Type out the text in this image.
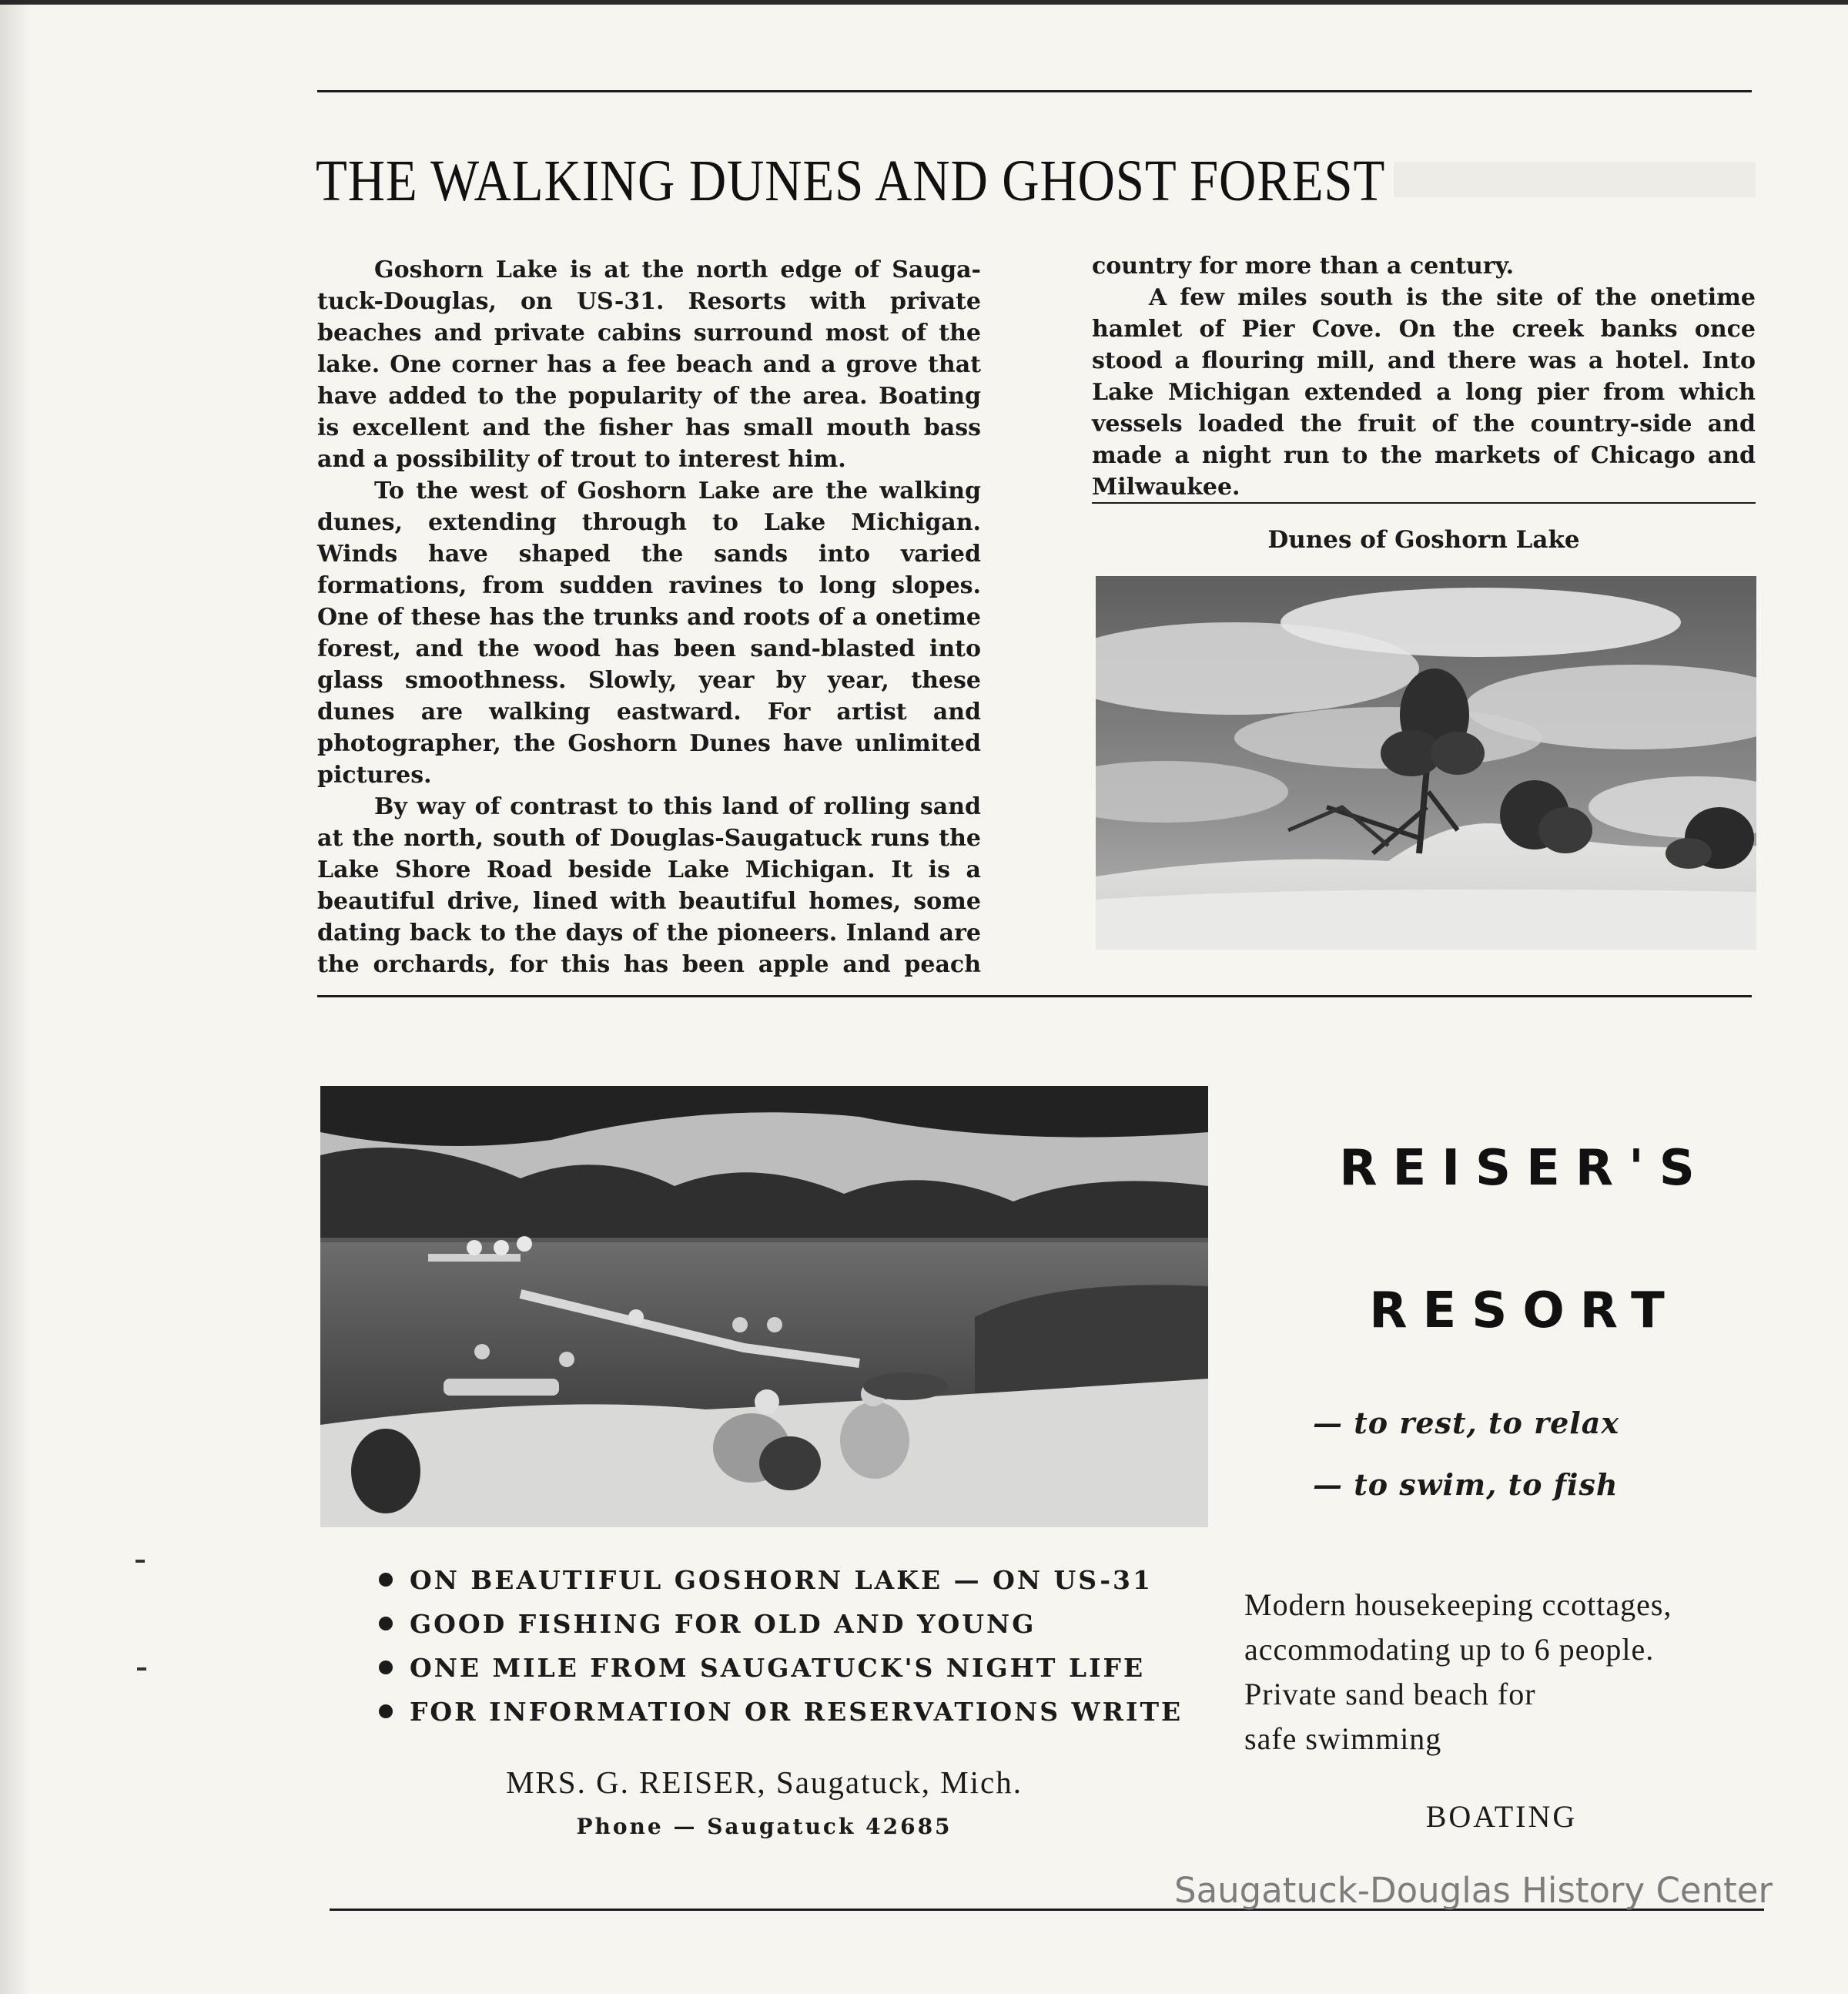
THE WALKING DUNES AND GHOST FOREST

Goshorn Lake is at the north edge of Saugatuck-Douglas, on US-31. Resorts with private beaches and private cabins surround most of the lake. One corner has a fee beach and a grove that have added to the popularity of the area. Boating is excellent and the fisher has small mouth bass and a possibility of trout to interest him.

To the west of Goshorn Lake are the walking dunes, extending through to Lake Michigan. Winds have shaped the sands into varied formations, from sudden ravines to long slopes. One of these has the trunks and roots of a onetime forest, and the wood has been sand-blasted into glass smoothness. Slowly, year by year, these dunes are walking eastward. For artist and photographer, the Goshorn Dunes have unlimited pictures.

By way of contrast to this land of rolling sand at the north, south of Douglas-Saugatuck runs the Lake Shore Road beside Lake Michigan. It is a beautiful drive, lined with beautiful homes, some dating back to the days of the pioneers. Inland are the orchards, for this has been apple and peach

country for more than a century.

A few miles south is the site of the onetime hamlet of Pier Cove. On the creek banks once stood a flouring mill, and there was a hotel. Into Lake Michigan extended a long pier from which vessels loaded the fruit of the country-side and made a night run to the markets of Chicago and Milwaukee.

Dunes of Goshorn Lake
ON BEAUTIFUL GOSHORN LAKE — ON US-31
GOOD FISHING FOR OLD AND YOUNG
ONE MILE FROM SAUGATUCK'S NIGHT LIFE
FOR INFORMATION OR RESERVATIONS WRITE
MRS. G. REISER, Saugatuck, Mich.
Phone — Saugatuck 42685
REISER'S
RESORT
— to rest, to relax
— to swim, to fish
Modern housekeeping ccottages,
accommodating up to 6 people.
Private sand beach for
safe swimming
BOATING
Saugatuck-Douglas History Center
